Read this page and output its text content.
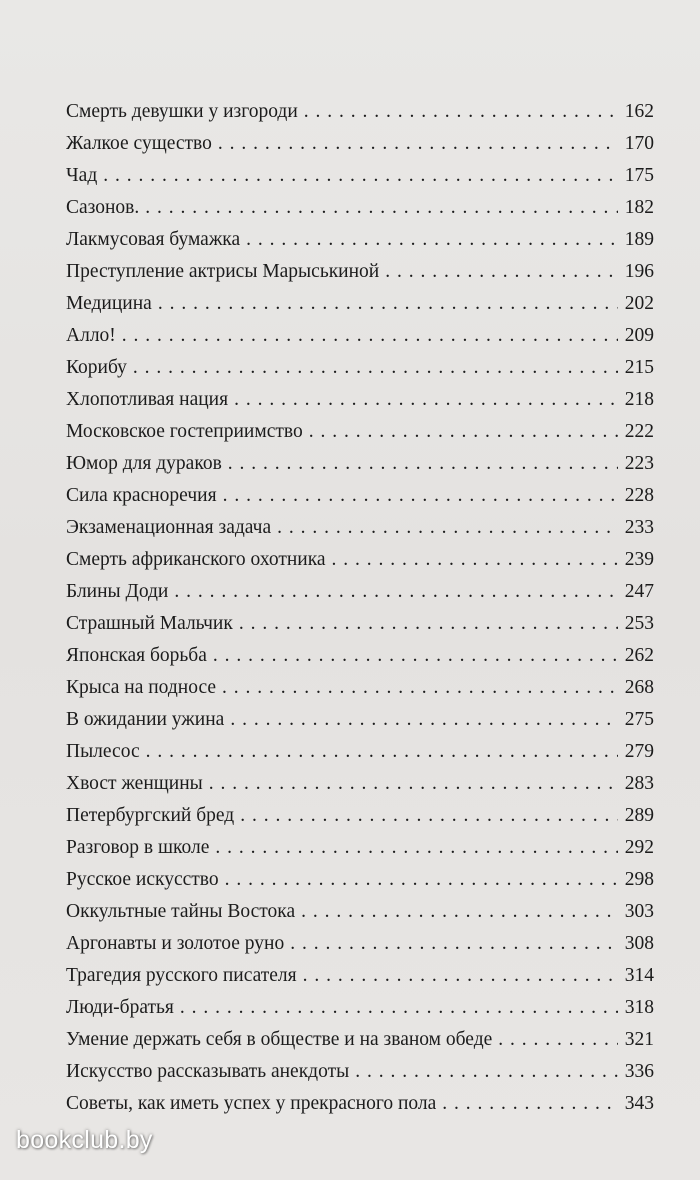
Смерть девушки у изгороди . . .	162
Жалкое существо . . .	170
Чад . . .	175
Сазонов. . . .	182
Лакмусовая бумажка . . .	189
Преступление актрисы Марыськиной . . .	196
Медицина . . .	202
Алло! . . .	209
Корибу . . .	215
Хлопотливая нация . . .	218
Московское гостеприимство . . .	222
Юмор для дураков . . .	223
Сила красноречия . . .	228
Экзаменационная задача . . .	233
Смерть африканского охотника . . .	239
Блины Доди . . .	247
Страшный Мальчик . . .	253
Японская борьба . . .	262
Крыса на подносе . . .	268
В ожидании ужина . . .	275
Пылесос . . .	279
Хвост женщины . . .	283
Петербургский бред . . .	289
Разговор в школе . . .	292
Русское искусство . . .	298
Оккультные тайны Востока . . .	303
Аргонавты и золотое руно . . .	308
Трагедия русского писателя . . .	314
Люди-братья . . .	318
Умение держать себя в обществе и на званом обеде . . .	321
Искусство рассказывать анекдоты . . .	336
Советы, как иметь успех у прекрасного пола . . .	343
bookclub.by
